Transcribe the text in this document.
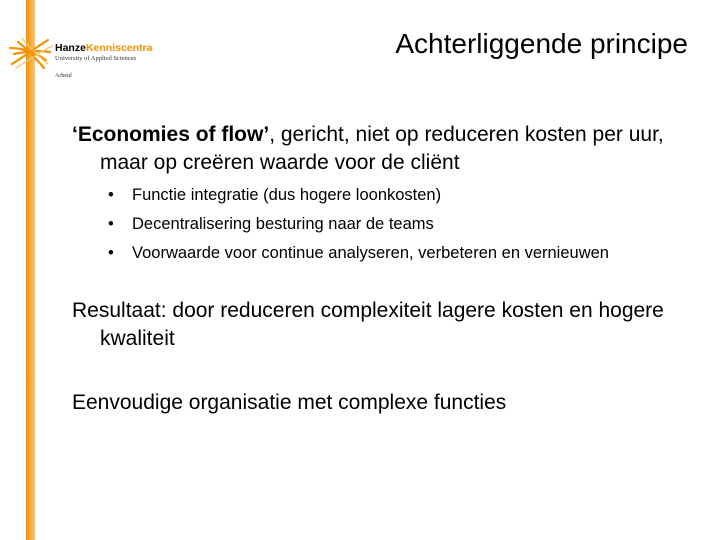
HanzeKenniscentra
University of Applied Sciences
Arbeid
Achterliggende principe
‘Economies of flow’, gericht, niet op reduceren kosten per uur, maar op creëren waarde voor de cliënt
• Functie integratie (dus hogere loonkosten)
• Decentralisering besturing naar de teams
• Voorwaarde voor continue analyseren, verbeteren en vernieuwen
Resultaat: door reduceren complexiteit lagere kosten en hogere kwaliteit
Eenvoudige organisatie met complexe functies
